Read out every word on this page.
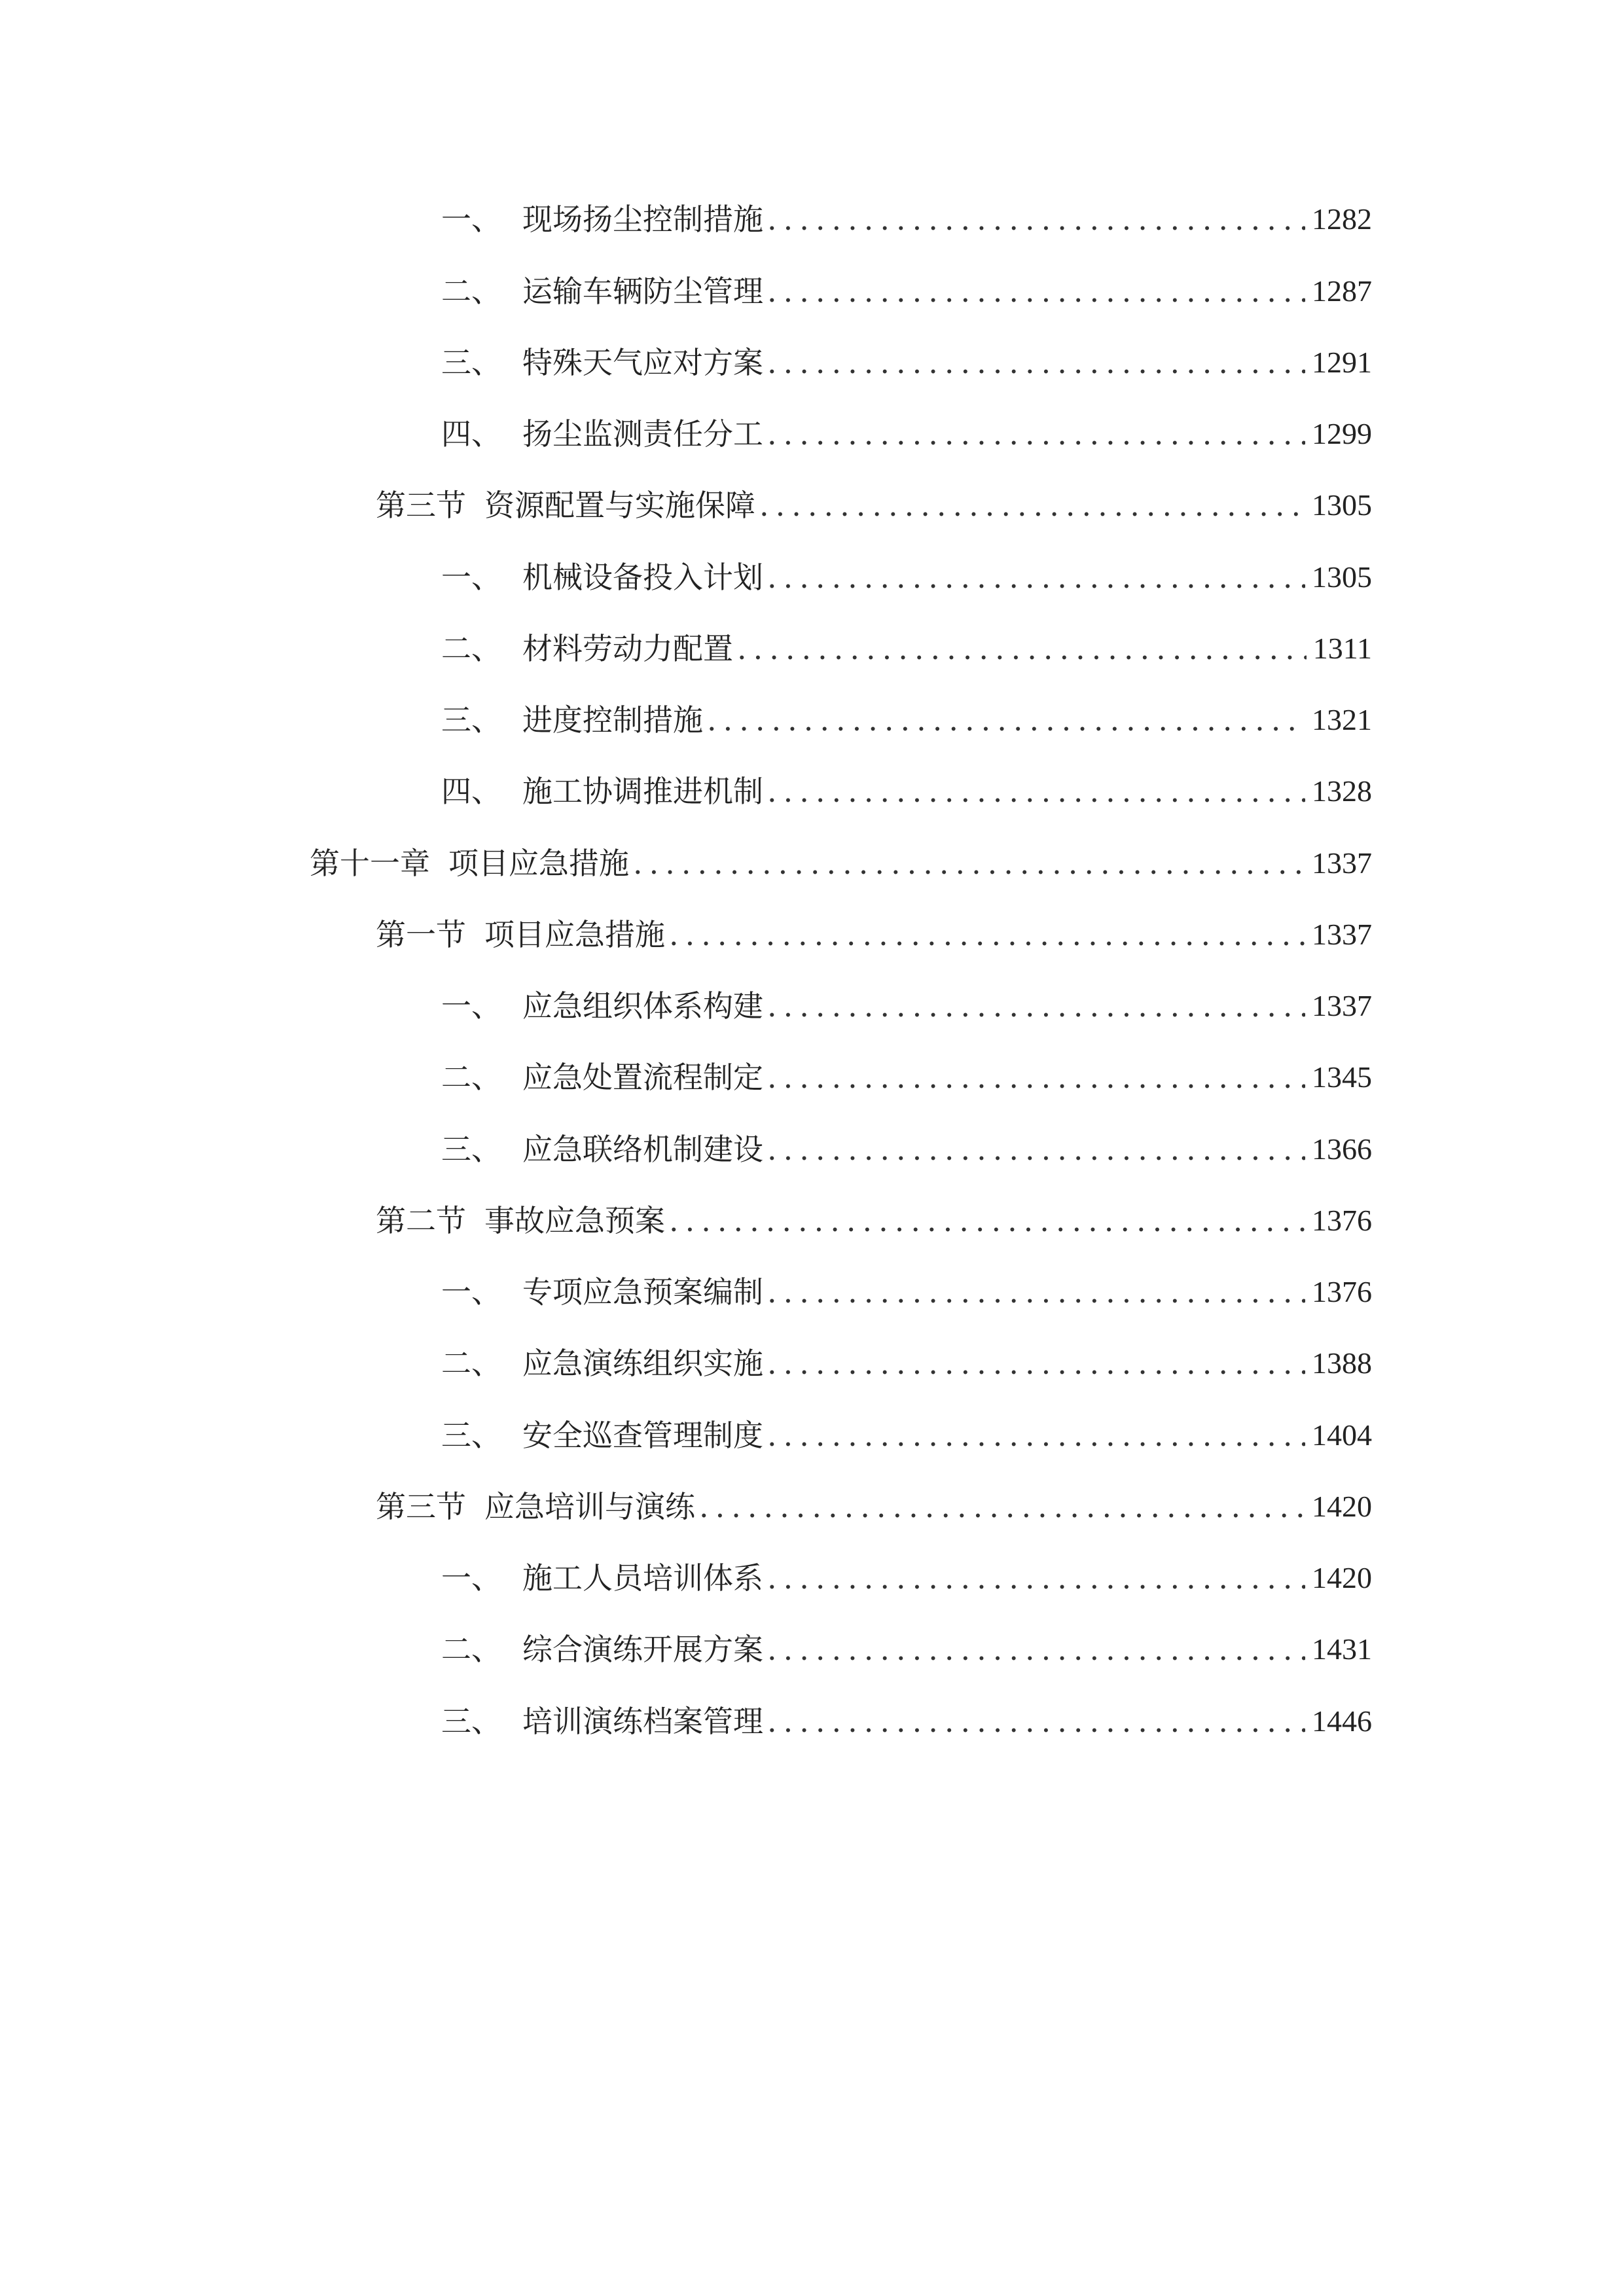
一、 现场扬尘控制措施 .....	1282
二、 运输车辆防尘管理 .....	1287
三、 特殊天气应对方案 .....	1291
四、 扬尘监测责任分工 .....	1299
第三节 资源配置与实施保障 .....	1305
一、 机械设备投入计划 .....	1305
二、 材料劳动力配置 .....	1311
三、 进度控制措施 .....	1321
四、 施工协调推进机制 .....	1328
第十一章 项目应急措施 .....	1337
第一节 项目应急措施 .....	1337
一、 应急组织体系构建 .....	1337
二、 应急处置流程制定 .....	1345
三、 应急联络机制建设 .....	1366
第二节 事故应急预案 .....	1376
一、 专项应急预案编制 .....	1376
二、 应急演练组织实施 .....	1388
三、 安全巡查管理制度 .....	1404
第三节 应急培训与演练 .....	1420
一、 施工人员培训体系 .....	1420
二、 综合演练开展方案 .....	1431
三、 培训演练档案管理 .....	1446
